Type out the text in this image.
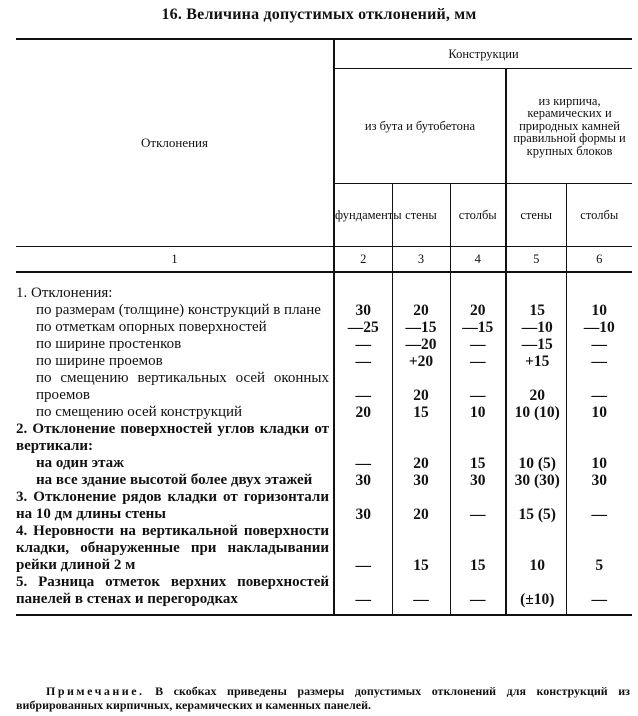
16. Величина допустимых отклонений, мм
Отклонения	Конструкции				
	из бута и бутобетона			из кирпича, керамических и природных камней правильной формы и крупных блоков	
	фундаменты	стены	столбы	стены	столбы
1	2	3	4	5	6

1. Отклонения:					
по размерам (толщине) конструкций в плане	30	20	20	15	10
по отметкам опорных поверхностей	—25	—15	—15	—10	—10
по ширине простенков	—	—20	—	—15	—
по ширине проемов	—	+20	—	+15	—
по смещению вертикальных осей оконных проемов	—	20	—	20	—
по смещению осей конструкций	20	15	10	10 (10)	10
2. Отклонение поверхностей углов кладки от вертикали:					
на один этаж	—	20	15	10 (5)	10
на все здание высотой более двух этажей	30	30	30	30 (30)	30
3. Отклонение рядов кладки от горизонтали на 10 дм длины стены	30	20	—	15 (5)	—
4. Неровности на вертикальной поверхности кладки, обнаруженные при накладывании рейки длиной 2 м	—	15	15	10	5
5. Разница отметок верхних поверхностей панелей в стенах и перегородках	—	—	—	(±10)	—

Примечание. В скобках приведены размеры допустимых отклонений для конструкций из вибрированных кирпичных, керамических и каменных панелей.
